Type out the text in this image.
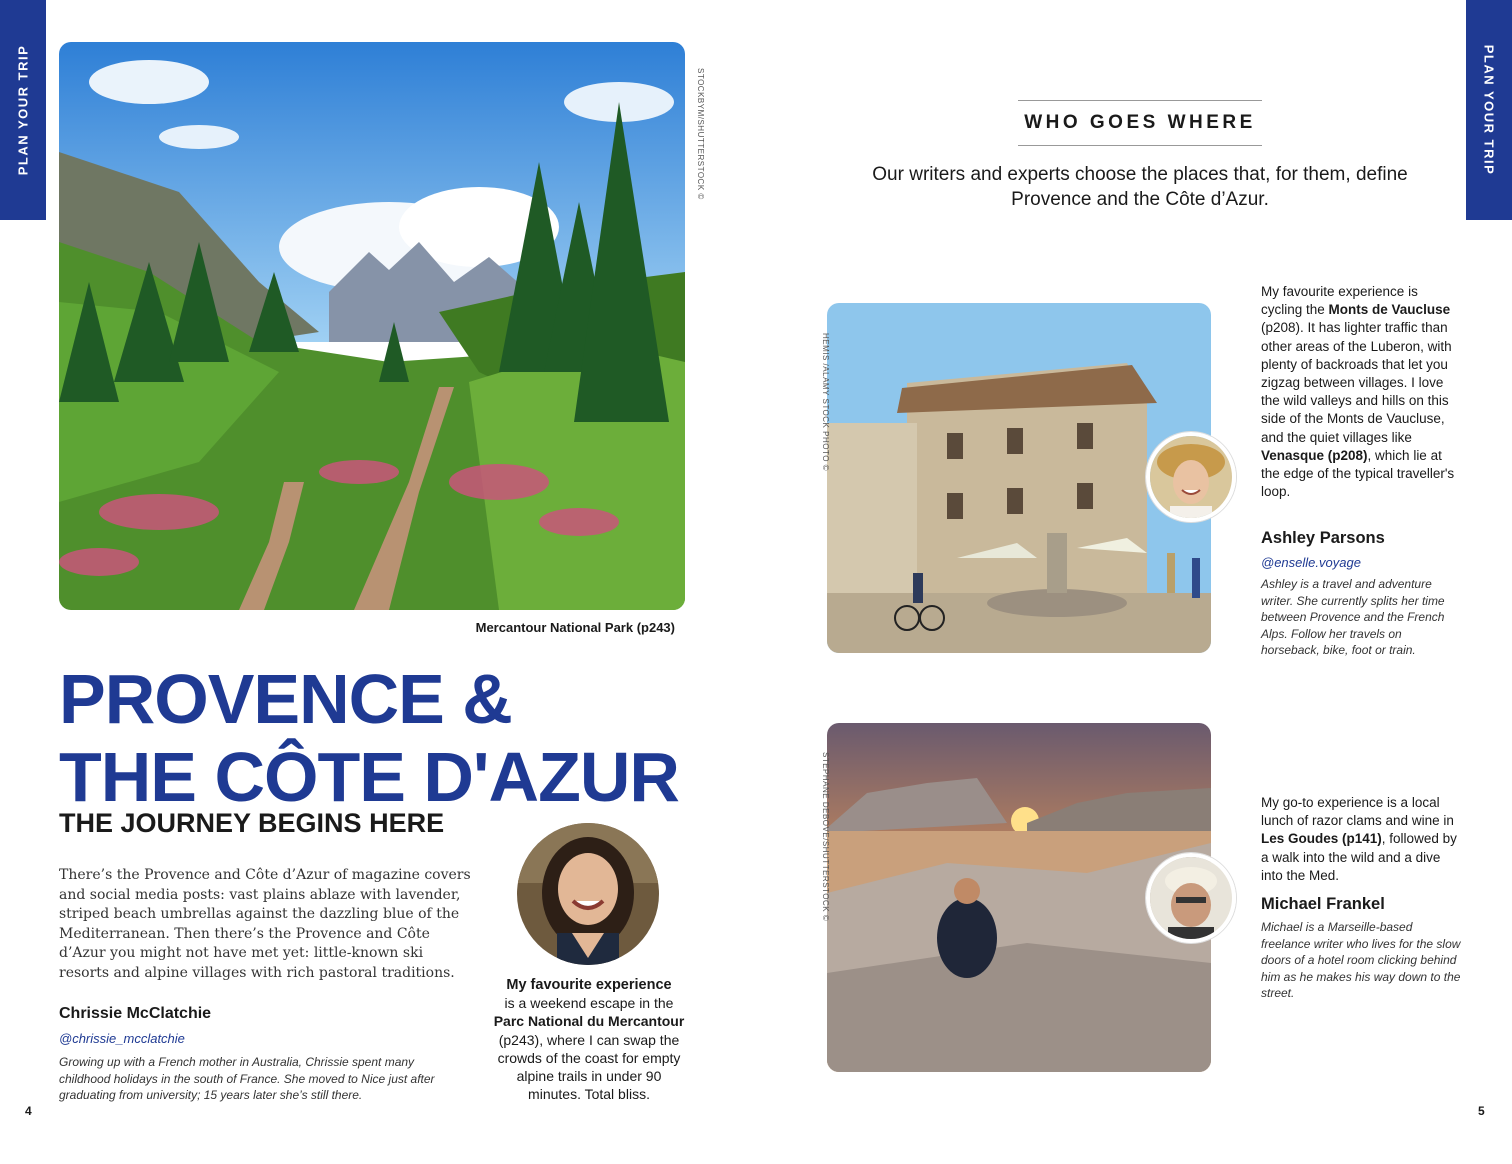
PLAN YOUR TRIP	PLAN YOUR TRIP
STOCKBYM/SHUTTERSTOCK ©
Mercantour National Park (p243)
PROVENCE &
THE CÔTE D'AZUR
THE JOURNEY BEGINS HERE
There’s the Provence and Côte d’Azur of magazine covers and social media posts: vast plains ablaze with lavender, striped beach umbrellas against the dazzling blue of the Mediterranean. Then there’s the Provence and Côte d’Azur you might not have met yet: little-known ski resorts and alpine villages with rich pastoral traditions.
Chrissie McClatchie
@chrissie_mcclatchie
Growing up with a French mother in Australia, Chrissie spent many childhood holidays in the south of France. She moved to Nice just after graduating from university; 15 years later she’s still there.
My favourite experience
is a weekend escape in the
Parc National du Mercantour
(p243), where I can swap the crowds of the coast for empty alpine trails in under 90 minutes. Total bliss.
4
WHO GOES WHERE
Our writers and experts choose the places that, for them, define Provence and the Côte d’Azur.
HEMIS /ALAMY STOCK PHOTO ©
My favourite experience is cycling the Monts de Vaucluse (p208). It has lighter traffic than other areas of the Luberon, with plenty of backroads that let you zigzag between villages. I love the wild valleys and hills on this side of the Monts de Vaucluse, and the quiet villages like Venasque (p208), which lie at the edge of the typical traveller's loop.
Ashley Parsons
@enselle.voyage
Ashley is a travel and adventure writer. She currently splits her time between Provence and the French Alps. Follow her travels on horseback, bike, foot or train.
STEPHANE DEBOVE/SHUTTERSTOCK ©	My go-to experience is a local lunch of razor clams and wine in Les Goudes (p141), followed by a walk into the wild and a dive into the Med.
Michael Frankel
Michael is a Marseille-based freelance writer who lives for the slow doors of a hotel room clicking behind him as he makes his way down to the street.
5
